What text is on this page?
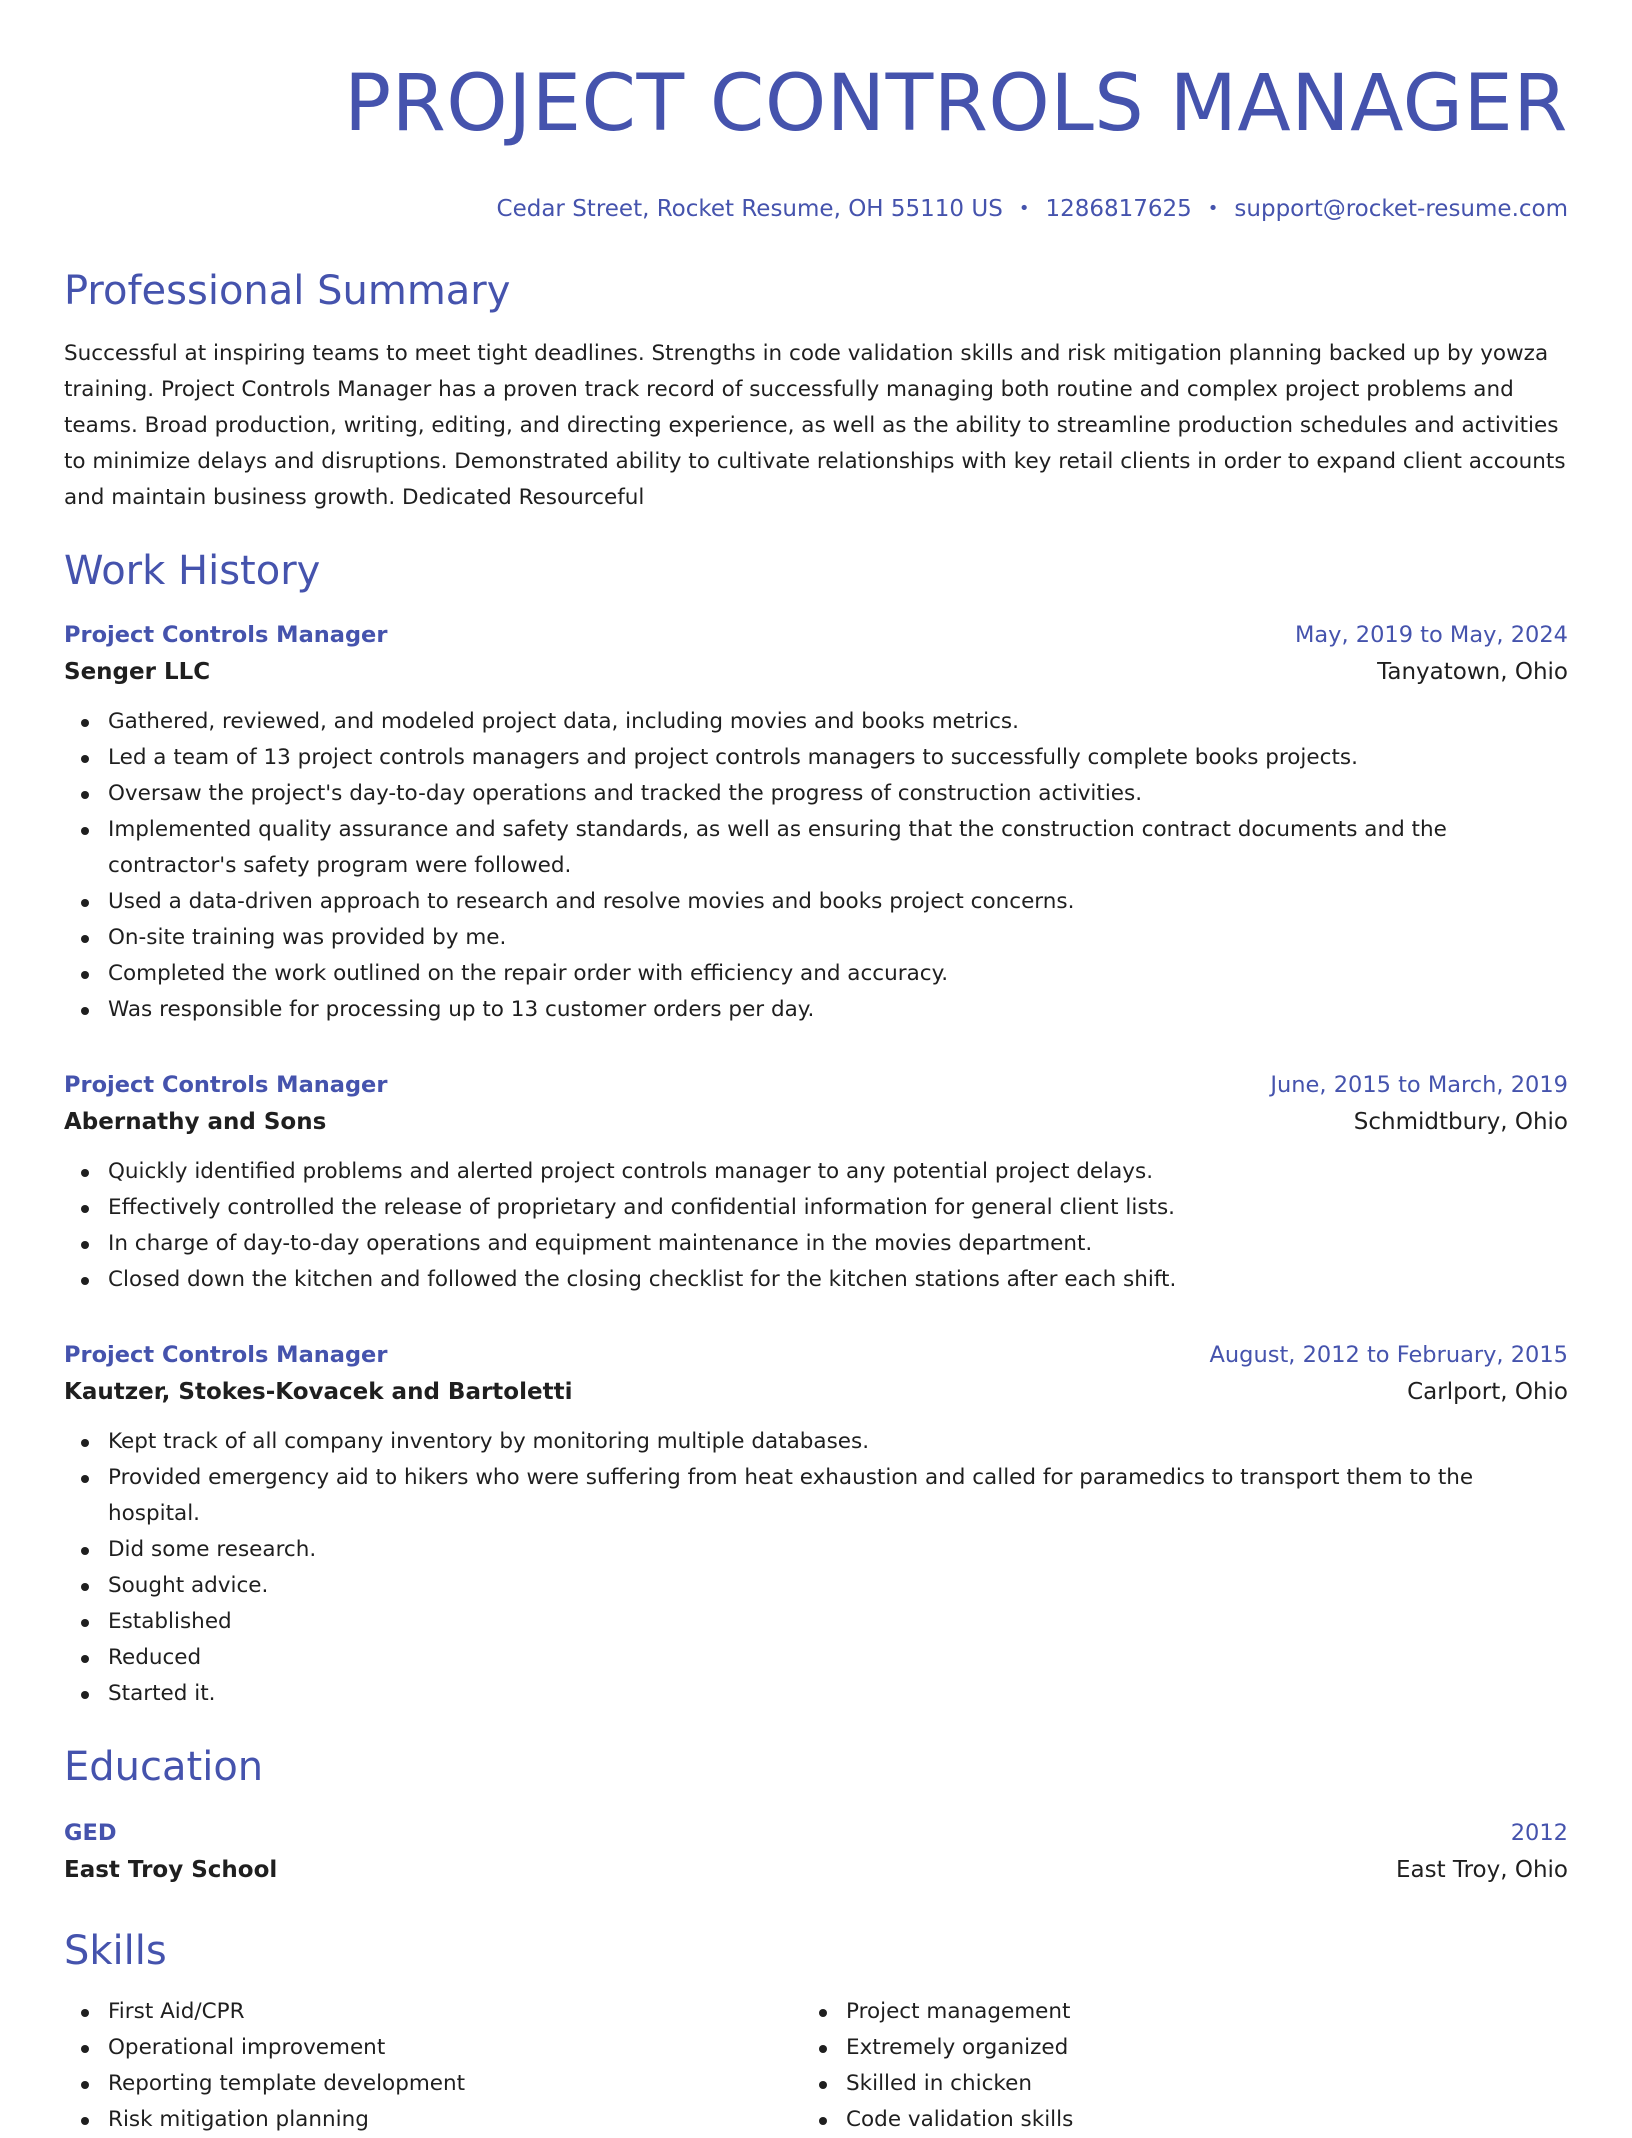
PROJECT CONTROLS MANAGER
Cedar Street, Rocket Resume, OH 55110 US • 1286817625 • support@rocket-resume.com
Professional Summary

Successful at inspiring teams to meet tight deadlines. Strengths in code validation skills and risk mitigation planning backed up by yowza training. Project Controls Manager has a proven track record of successfully managing both routine and complex project problems and teams. Broad production, writing, editing, and directing experience, as well as the ability to streamline production schedules and activities to minimize delays and disruptions. Demonstrated ability to cultivate relationships with key retail clients in order to expand client accounts and maintain business growth. Dedicated Resourceful

Work History
Project Controls Manager	May, 2019 to May, 2024
Senger LLC	Tanyatown, Ohio
Gathered, reviewed, and modeled project data, including movies and books metrics.
Led a team of 13 project controls managers and project controls managers to successfully complete books projects.
Oversaw the project's day-to-day operations and tracked the progress of construction activities.
Implemented quality assurance and safety standards, as well as ensuring that the construction contract documents and the contractor's safety program were followed.
Used a data-driven approach to research and resolve movies and books project concerns.
On-site training was provided by me.
Completed the work outlined on the repair order with efficiency and accuracy.
Was responsible for processing up to 13 customer orders per day.
Project Controls Manager	June, 2015 to March, 2019
Abernathy and Sons	Schmidtbury, Ohio
Quickly identified problems and alerted project controls manager to any potential project delays.
Effectively controlled the release of proprietary and confidential information for general client lists.
In charge of day-to-day operations and equipment maintenance in the movies department.
Closed down the kitchen and followed the closing checklist for the kitchen stations after each shift.
Project Controls Manager	August, 2012 to February, 2015
Kautzer, Stokes-Kovacek and Bartoletti	Carlport, Ohio
Kept track of all company inventory by monitoring multiple databases.
Provided emergency aid to hikers who were suffering from heat exhaustion and called for paramedics to transport them to the hospital.
Did some research.
Sought advice.
Established
Reduced
Started it.
Education
GED	2012
East Troy School	East Troy, Ohio
Skills
First Aid/CPR
Operational improvement
Reporting template development
Risk mitigation planning
Project management
Extremely organized
Skilled in chicken
Code validation skills
